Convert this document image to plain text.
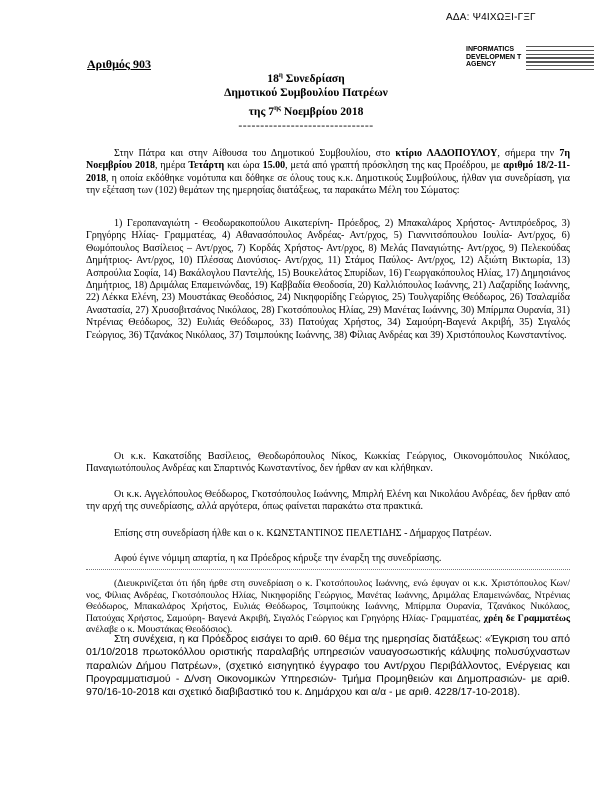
ΑΔΑ: Ψ4ΙΧΩΞΙ-ΓΞΓ
INFORMATICS DEVELOPMEN T AGENCY
Αριθμός 903
$18^\eta$ Συνεδρίαση
Δημοτικού Συμβουλίου Πατρέων
της $7^{\eta\varsigma}$ Νοεμβρίου 2018
-------------------------------

Στην Πάτρα και στην Αίθουσα του Δημοτικού Συμβουλίου, στο κτίριο ΛΑΔΟΠΟΥΛΟΥ, σήμερα την 7η Νοεμβρίου 2018, ημέρα Τετάρτη και ώρα 15.00, μετά από γραπτή πρόσκληση της κας Προέδρου, με αριθμό 18/2-11-2018, η οποία εκδόθηκε νομότυπα και δόθηκε σε όλους τους κ.κ. Δημοτικούς Συμβούλους, ήλθαν για συνεδρίαση, για την εξέταση των (102) θεμάτων της ημερησίας διατάξεως, τα παρακάτω Μέλη του Σώματος:

1) Γεροπαναγιώτη - Θεοδωρακοπούλου Αικατερίνη- Πρόεδρος, 2) Μπακαλάρος Χρήστος- Αντιπρόεδρος, 3) Γρηγόρης Ηλίας- Γραμματέας, 4) Αθανασόπουλος Ανδρέας- Αντ/ρχος, 5) Γιαννιτσόπουλου Ιουλία- Αντ/ρχος, 6) Θωμόπουλος Βασίλειος – Αντ/ρχος, 7) Κορδάς Χρήστος- Αντ/ρχος, 8) Μελάς Παναγιώτης- Αντ/ρχος, 9) Πελεκούδας Δημήτριος- Αντ/ρχος, 10) Πλέσσας Διονύσιος- Αντ/ρχος, 11) Στάμος Παύλος- Αντ/ρχος, 12) Αξιώτη Βικτωρία, 13) Ασπρούλια Σοφία, 14) Βακάλογλου Παντελής, 15) Βουκελάτος Σπυρίδων, 16) Γεωργακόπουλος Ηλίας, 17) Δημησιάνος Δημήτριος, 18) Δριμάλας Επαμεινώνδας, 19) Καββαδία Θεοδοσία, 20) Καλλιόπουλος Ιωάννης, 21) Λαζαρίδης Ιωάννης, 22) Λέκκα Ελένη, 23) Μουστάκας Θεοδόσιος, 24) Νικηφορίδης Γεώργιος, 25) Τουλγαρίδης Θεόδωρος, 26) Τσαλαμίδα Αναστασία, 27) Χρυσοβιτσάνος Νικόλαος, 28) Γκοτσόπουλος Ηλίας, 29) Μανέτας Ιωάννης, 30) Μπίρμπα Ουρανία, 31) Ντρένιας Θεόδωρος, 32) Ευλιάς Θεόδωρος, 33) Πατούχας Χρήστος, 34) Σαμούρη-Βαγενά Ακριβή, 35) Σιγαλός Γεώργιος, 36) Τζανάκος Νικόλαος, 37) Τσιμπούκης Ιωάννης, 38) Φίλιας Ανδρέας και 39) Χριστόπουλος Κωνσταντίνος.

Οι κ.κ. Κακατσίδης Βασίλειος, Θεοδωρόπουλος Νίκος, Κωκκίας Γεώργιος, Οικονομόπουλος Νικόλαος, Παναγιωτόπουλος Ανδρέας και Σπαρτινός Κωνσταντίνος, δεν ήρθαν αν και κλήθηκαν.

Οι κ.κ. Αγγελόπουλος Θεόδωρος, Γκοτσόπουλος Ιωάννης, Μπιρλή Ελένη και Νικολάου Ανδρέας, δεν ήρθαν από την αρχή της συνεδρίασης, αλλά αργότερα, όπως φαίνεται παρακάτω στα πρακτικά.

Επίσης στη συνεδρίαση ήλθε και ο κ. ΚΩΝΣΤΑΝΤΙΝΟΣ ΠΕΛΕΤΙΔΗΣ - Δήμαρχος Πατρέων.

Αφού έγινε νόμιμη απαρτία, η κα Πρόεδρος κήρυξε την έναρξη της συνεδρίασης.

(Διευκρινίζεται ότι ήδη ήρθε στη συνεδρίαση ο κ. Γκοτσόπουλος Ιωάννης, ενώ έφυγαν οι κ.κ. Χριστόπουλος Κων/νος, Φίλιας Ανδρέας, Γκοτσόπουλος Ηλίας, Νικηφορίδης Γεώργιος, Μανέτας Ιωάννης, Δριμάλας Επαμεινώνδας, Ντρένιας Θεόδωρος, Μπακαλάρος Χρήστος, Ευλιάς Θεόδωρος, Τσιμπούκης Ιωάννης, Μπίρμπα Ουρανία, Τζανάκος Νικόλαος, Πατούχας Χρήστος, Σαμούρη- Βαγενά Ακριβή, Σιγαλός Γεώργιος και Γρηγόρης Ηλίας- Γραμματέας, χρέη δε Γραμματέως ανέλαβε ο κ. Μουστάκας Θεοδόσιος).

Στη συνέχεια, η κα Πρόεδρος εισάγει το αριθ. 60 θέμα της ημερησίας διατάξεως: «Έγκριση του από 01/10/2018 πρωτοκόλλου οριστικής παραλαβής υπηρεσιών ναυαγοσωστικής κάλυψης πολυσύχναστων παραλιών Δήμου Πατρέων», (σχετικό εισηγητικό έγγραφο του Αντ/ρχου Περιβάλλοντος, Ενέργειας και Προγραμματισμού - Δ/νση Οικονομικών Υπηρεσιών- Τμήμα Προμηθειών και Δημοπρασιών- με αριθ. 970/16-10-2018 και σχετικό διαβιβαστικό του κ. Δημάρχου και α/α - με αριθ. 4228/17-10-2018).
